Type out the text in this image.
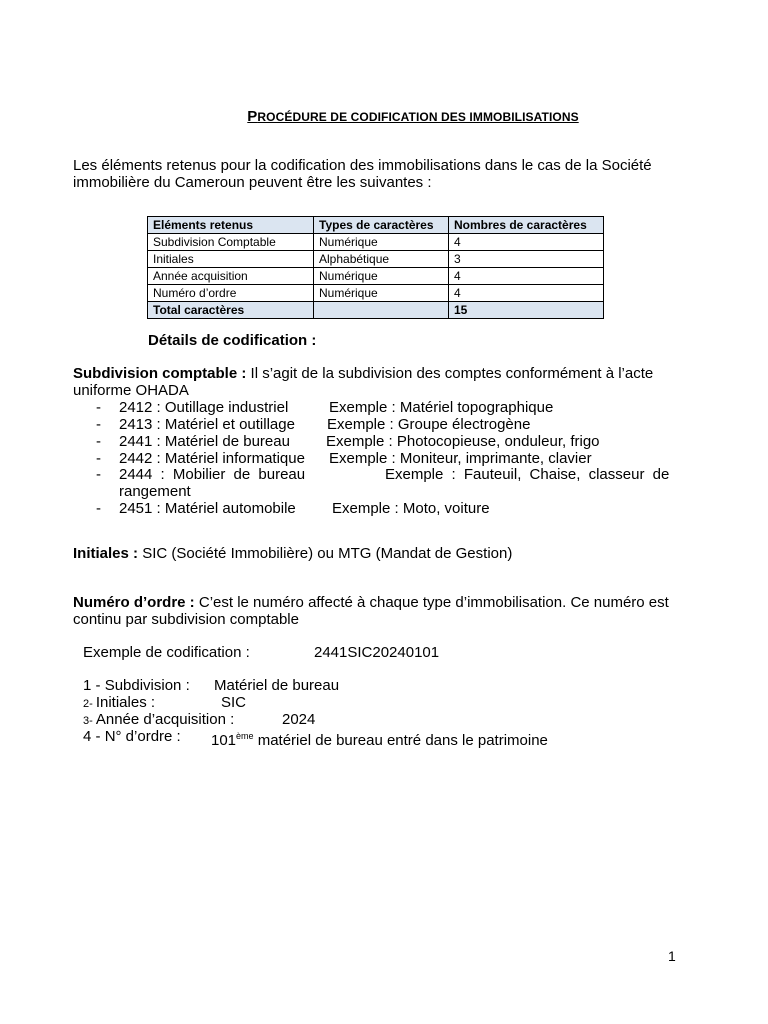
PROCÉDURE DE CODIFICATION DES IMMOBILISATIONS
Les éléments retenus pour la codification des immobilisations dans le cas de la Société immobilière du Cameroun peuvent être les suivantes :
Eléments retenus	Types de caractères	Nombres de caractères
Subdivision Comptable	Numérique	4
Initiales	Alphabétique	3
Année acquisition	Numérique	4
Numéro d’ordre	Numérique	4
Total caractères		15
Détails de codification :
Subdivision comptable : Il s’agit de la subdivision des comptes conformément à l’acte uniforme OHADA
- 2412 : Outillage industriel	Exemple : Matériel topographique
- 2413 : Matériel et outillage Exemple : Groupe électrogène
- 2441 : Matériel de bureau Exemple : Photocopieuse, onduleur, frigo
- 2442 : Matériel informatique Exemple : Moniteur, imprimante, clavier
- 2444 : Mobilier de bureau	Exemple : Fauteuil, Chaise, classeur de
rangement
- 2451 : Matériel automobile Exemple : Moto, voiture
Initiales : SIC (Société Immobilière) ou MTG (Mandat de Gestion)
Numéro d’ordre : C’est le numéro affecté à chaque type d’immobilisation. Ce numéro est continu par subdivision comptable
Exemple de codification :	2441SIC20240101
1 - Subdivision : Matériel de bureau
2- Initiales :	SIC
3- Année d’acquisition :	2024
4 - N° d’ordre : 101ème matériel de bureau entré dans le patrimoine
1
